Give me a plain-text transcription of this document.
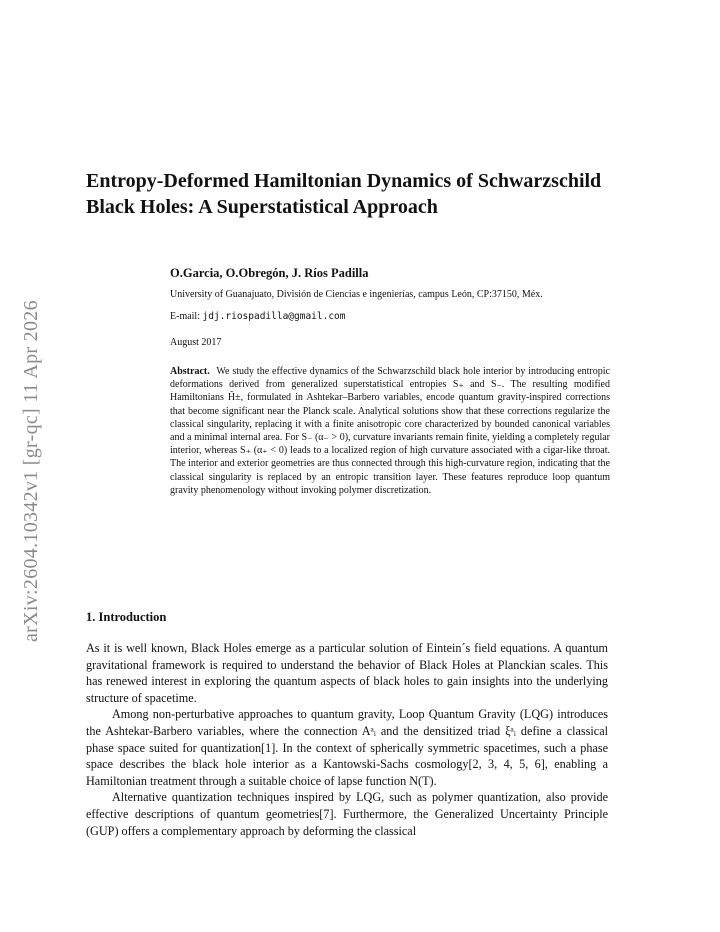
arXiv:2604.10342v1 [gr-qc] 11 Apr 2026
Entropy-Deformed Hamiltonian Dynamics of Schwarzschild Black Holes: A Superstatistical Approach

O.Garcia, O.Obregón, J. Ríos Padilla

University of Guanajuato, División de Ciencias e ingenierías, campus León, CP:37150, Méx.

E-mail: jdj.riospadilla@gmail.com

August 2017

Abstract. We study the effective dynamics of the Schwarzschild black hole interior by introducing entropic deformations derived from generalized superstatistical entropies S₊ and S₋. The resulting modified Hamiltonians H̃±, formulated in Ashtekar–Barbero variables, encode quantum gravity-inspired corrections that become significant near the Planck scale. Analytical solutions show that these corrections regularize the classical singularity, replacing it with a finite anisotropic core characterized by bounded canonical variables and a minimal internal area. For S₋ (α₋ > 0), curvature invariants remain finite, yielding a completely regular interior, whereas S₊ (α₊ < 0) leads to a localized region of high curvature associated with a cigar-like throat. The interior and exterior geometries are thus connected through this high-curvature region, indicating that the classical singularity is replaced by an entropic transition layer. These features reproduce loop quantum gravity phenomenology without invoking polymer discretization.

1. Introduction

As it is well known, Black Holes emerge as a particular solution of Eintein´s field equations. A quantum gravitational framework is required to understand the behavior of Black Holes at Planckian scales. This has renewed interest in exploring the quantum aspects of black holes to gain insights into the underlying structure of spacetime.

Among non-perturbative approaches to quantum gravity, Loop Quantum Gravity (LQG) introduces the Ashtekar-Barbero variables, where the connection Aᵃᵢ and the densitized triad ξᵃᵢ define a classical phase space suited for quantization[1]. In the context of spherically symmetric spacetimes, such a phase space describes the black hole interior as a Kantowski-Sachs cosmology[2, 3, 4, 5, 6], enabling a Hamiltonian treatment through a suitable choice of lapse function N(T).

Alternative quantization techniques inspired by LQG, such as polymer quantization, also provide effective descriptions of quantum geometries[7]. Furthermore, the Generalized Uncertainty Principle (GUP) offers a complementary approach by deforming the classical
